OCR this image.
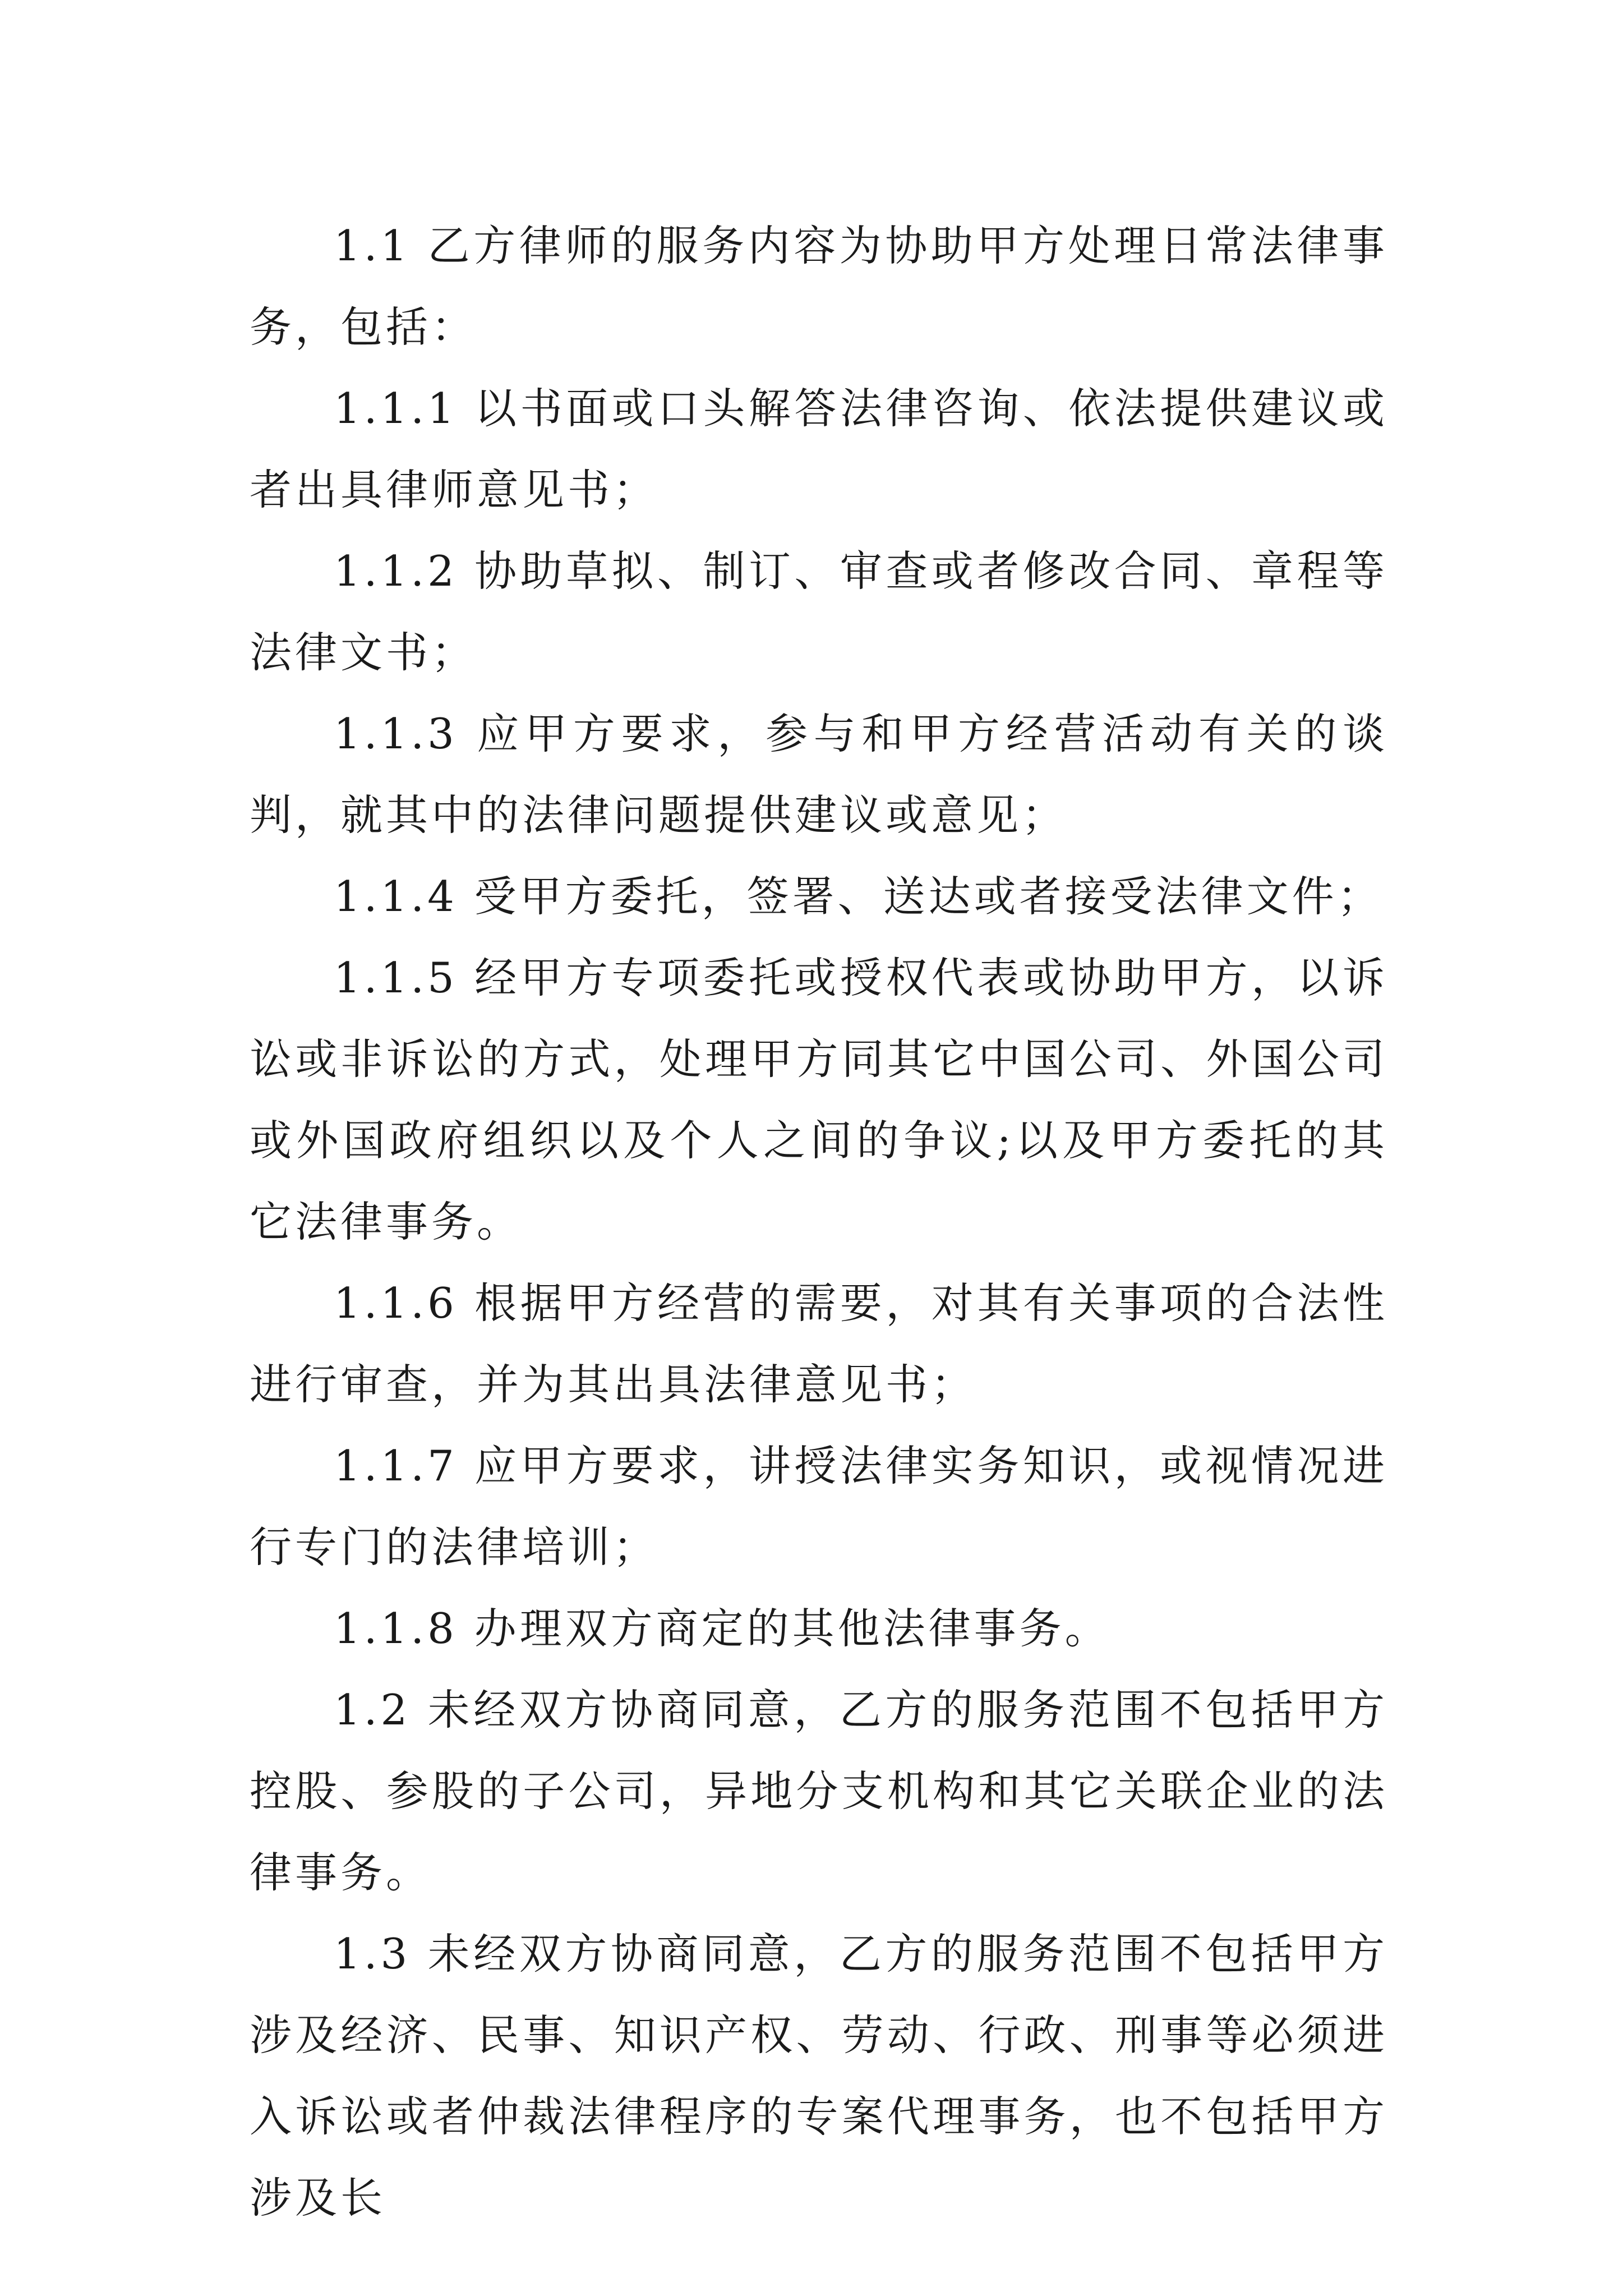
1.1 乙方律师的服务内容为协助甲方处理日常法律事务，包括：

1.1.1 以书面或口头解答法律咨询、依法提供建议或者出具律师意见书；

1.1.2 协助草拟、制订、审查或者修改合同、章程等法律文书；

1.1.3 应甲方要求，参与和甲方经营活动有关的谈判，就其中的法律问题提供建议或意见；

1.1.4 受甲方委托，签署、送达或者接受法律文件；

1.1.5 经甲方专项委托或授权代表或协助甲方，以诉讼或非诉讼的方式，处理甲方同其它中国公司、外国公司或外国政府组织以及个人之间的争议;以及甲方委托的其它法律事务。

1.1.6 根据甲方经营的需要，对其有关事项的合法性进行审查，并为其出具法律意见书；

1.1.7 应甲方要求，讲授法律实务知识，或视情况进行专门的法律培训；

1.1.8 办理双方商定的其他法律事务。

1.2 未经双方协商同意，乙方的服务范围不包括甲方控股、参股的子公司，异地分支机构和其它关联企业的法律事务。

1.3 未经双方协商同意，乙方的服务范围不包括甲方涉及经济、民事、知识产权、劳动、行政、刑事等必须进入诉讼或者仲裁法律程序的专案代理事务，也不包括甲方涉及长
